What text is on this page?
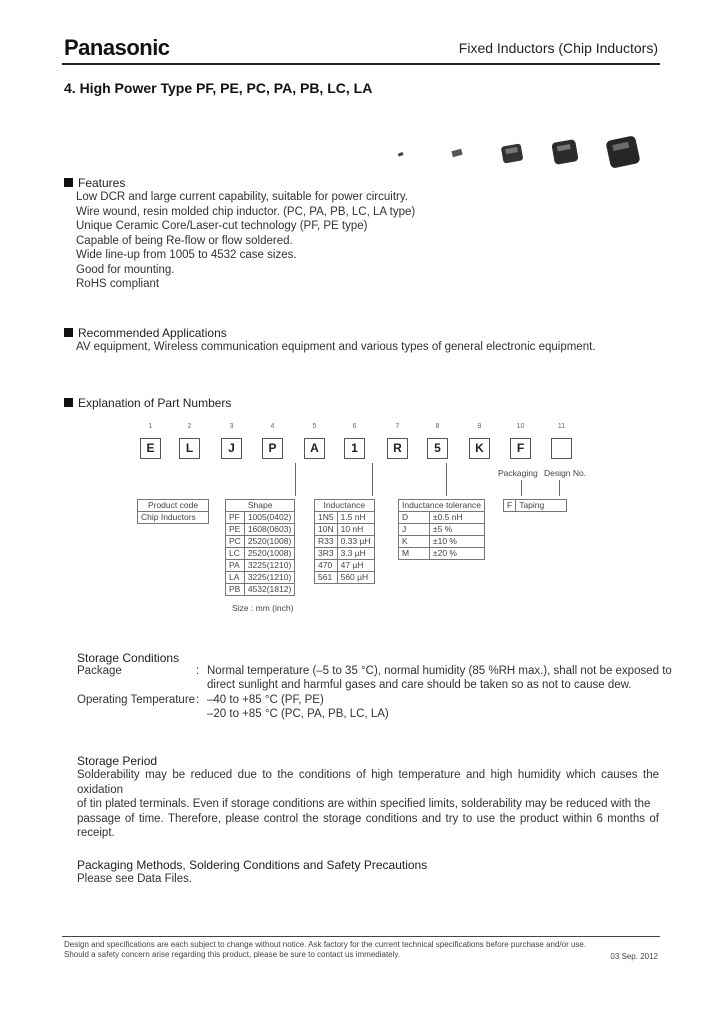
Panasonic	Fixed Inductors (Chip Inductors)
4. High Power Type PF, PE, PC, PA, PB, LC, LA
Features
Low DCR and large current capability, suitable for power circuitry.
Wire wound, resin molded chip inductor. (PC, PA, PB, LC, LA type)
Unique Ceramic Core/Laser-cut technology (PF, PE type)
Capable of being Re-flow or flow soldered.
Wide line-up from 1005 to 4532 case sizes.
Good for mounting.
RoHS compliant
Recommended Applications
AV equipment, Wireless communication equipment and various types of general electronic equipment.
Explanation of Part Numbers
1	2	3	4	5	6	7	8	9	10	11
E	L	J	P	A	1	R	5	K	F
Packaging Design No.
Product code
Chip Inductors
Shape	
PF	1005(0402)
PE	1608(0603)
PC	2520(1008)
LC	2520(1008)
PA	3225(1210)
LA	3225(1210)
PB	4532(1812)
Size : mm (inch)
Inductance	
1N5	1.5 nH
10N	10 nH
R33	0.33 µH
3R3	3.3 µH
470	47 µH
561	560 µH
Inductance tolerance	
D	±0.5 nH
J	±5 %
K	±10 %
M	±20 %
F	Taping
Storage Conditions
Package	: Normal temperature (–5 to 35 °C), normal humidity (85 %RH max.), shall not be exposed to
direct sunlight and harmful gases and care should be taken so as not to cause dew.
Operating Temperature : –40 to +85 °C (PF, PE)
–20 to +85 °C (PC, PA, PB, LC, LA)
Storage Period
Solderability may be reduced due to the conditions of high temperature and high humidity which causes the oxidation
of tin plated terminals. Even if storage conditions are within specified limits, solderability may be reduced with the
passage of time. Therefore, please control the storage conditions and try to use the product within 6 months of receipt.
Packaging Methods, Soldering Conditions and Safety Precautions
Please see Data Files.
Design and specifications are each subject to change without notice. Ask factory for the current technical specifications before purchase and/or use.
Should a safety concern arise regarding this product, please be sure to contact us immediately.	03 Sep. 2012
